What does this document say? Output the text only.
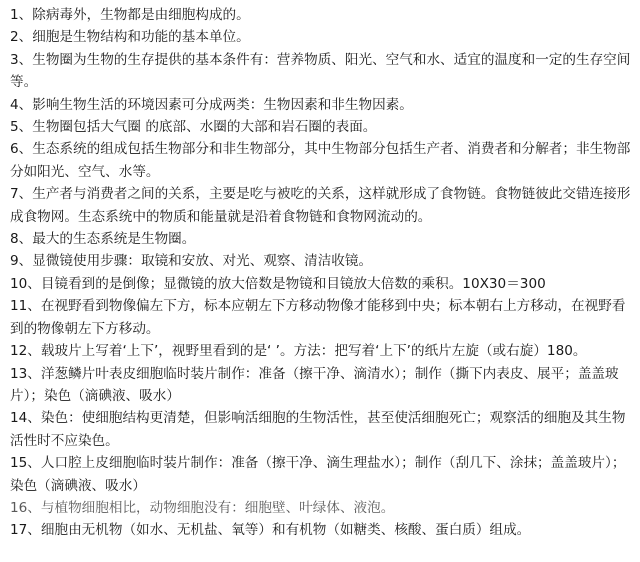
1、除病毒外，生物都是由细胞构成的。

2、细胞是生物结构和功能的基本单位。

3、生物圈为生物的生存提供的基本条件有：营养物质、阳光、空气和水、适宜的温度和一定的生存空间等。

4、影响生物生活的环境因素可分成两类：生物因素和非生物因素。

5、生物圈包括大气圈 的底部、水圈的大部和岩石圈的表面。

6、生态系统的组成包括生物部分和非生物部分，其中生物部分包括生产者、消费者和分解者；非生物部分如阳光、空气、水等。

7、生产者与消费者之间的关系，主要是吃与被吃的关系，这样就形成了食物链。食物链彼此交错连接形成食物网。生态系统中的物质和能量就是沿着食物链和食物网流动的。

8、最大的生态系统是生物圈。

9、显微镜使用步骤：取镜和安放、对光、观察、清洁收镜。

10、目镜看到的是倒像；显微镜的放大倍数是物镜和目镜放大倍数的乘积。10X30＝300

11、在视野看到物像偏左下方，标本应朝左下方移动物像才能移到中央；标本朝右上方移动，在视野看到的物像朝左下方移动。

12、载玻片上写着‘上下’，视野里看到的是‘ ’。方法：把写着‘上下’的纸片左旋（或右旋）180。

13、洋葱鳞片叶表皮细胞临时装片制作：准备（擦干净、滴清水）；制作（撕下内表皮、展平；盖盖玻片）；染色（滴碘液、吸水）

14、染色：使细胞结构更清楚，但影响活细胞的生物活性，甚至使活细胞死亡；观察活的细胞及其生物活性时不应染色。

15、人口腔上皮细胞临时装片制作：准备（擦干净、滴生理盐水）；制作（刮几下、涂抹；盖盖玻片）；染色（滴碘液、吸水）

16、与植物细胞相比，动物细胞没有：细胞壁、叶绿体、液泡。

17、细胞由无机物（如水、无机盐、氧等）和有机物（如糖类、核酸、蛋白质）组成。
